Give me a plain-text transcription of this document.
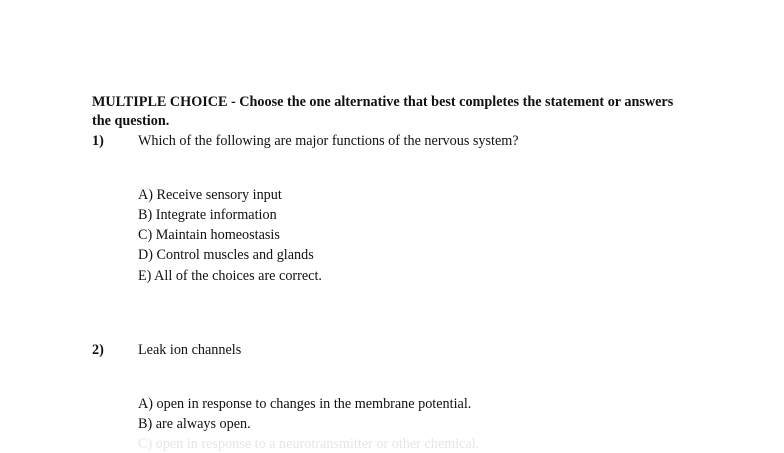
MULTIPLE CHOICE - Choose the one alternative that best completes the statement or answers the question.
1) Which of the following are major functions of the nervous system?
A) Receive sensory input
B) Integrate information
C) Maintain homeostasis
D) Control muscles and glands
E) All of the choices are correct.
2) Leak ion channels
A) open in response to changes in the membrane potential.
B) are always open.
C) open in response to a neurotransmitter or other chemical.
